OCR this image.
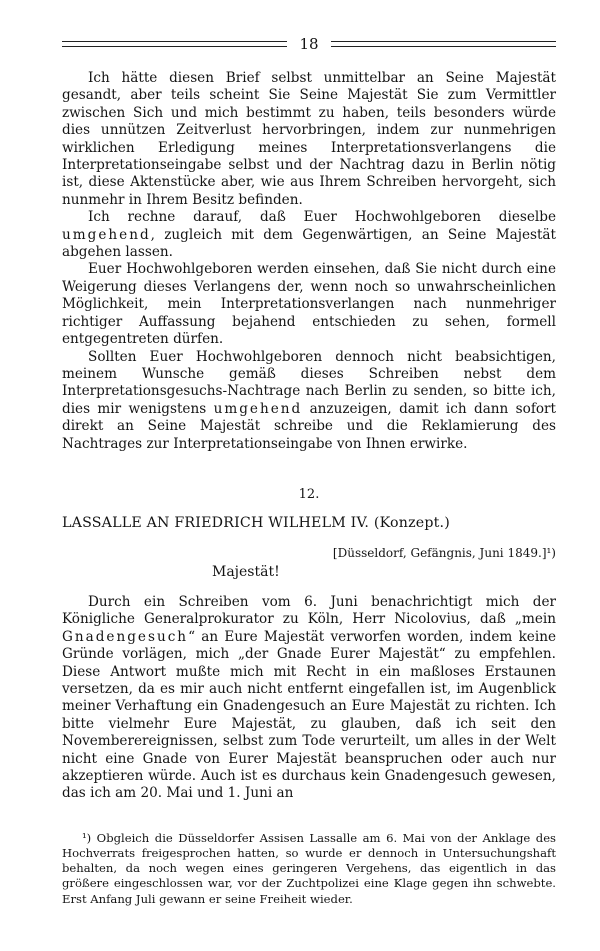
18

Ich hätte diesen Brief selbst unmittelbar an Seine Majestät gesandt, aber teils scheint Sie Seine Majestät Sie zum Vermittler zwischen Sich und mich bestimmt zu haben, teils besonders würde dies unnützen Zeitverlust hervorbringen, indem zur nunmehrigen wirklichen Erledigung meines Interpretationsverlangens die Interpretationseingabe selbst und der Nachtrag dazu in Berlin nötig ist, diese Aktenstücke aber, wie aus Ihrem Schreiben hervorgeht, sich nunmehr in Ihrem Besitz befinden.

Ich rechne darauf, daß Euer Hochwohlgeboren dieselbe umgehend, zugleich mit dem Gegenwärtigen, an Seine Majestät abgehen lassen.

Euer Hochwohlgeboren werden einsehen, daß Sie nicht durch eine Weigerung dieses Verlangens der, wenn noch so unwahrscheinlichen Möglichkeit, mein Interpretationsverlangen nach nunmehriger richtiger Auffassung bejahend entschieden zu sehen, formell entgegentreten dürfen.

Sollten Euer Hochwohlgeboren dennoch nicht beabsichtigen, meinem Wunsche gemäß dieses Schreiben nebst dem Interpretationsgesuchs-Nachtrage nach Berlin zu senden, so bitte ich, dies mir wenigstens umgehend anzuzeigen, damit ich dann sofort direkt an Seine Majestät schreibe und die Reklamierung des Nachtrages zur Interpretationseingabe von Ihnen erwirke.

12.
LASSALLE AN FRIEDRICH WILHELM IV. (Konzept.)
[Düsseldorf, Gefängnis, Juni 1849.]¹)
Majestät!

Durch ein Schreiben vom 6. Juni benachrichtigt mich der Königliche Generalprokurator zu Köln, Herr Nicolovius, daß „mein Gnadengesuch“ an Eure Majestät verworfen worden, indem keine Gründe vorlägen, mich „der Gnade Eurer Majestät“ zu empfehlen. Diese Antwort mußte mich mit Recht in ein maßloses Erstaunen versetzen, da es mir auch nicht entfernt eingefallen ist, im Augenblick meiner Verhaftung ein Gnadengesuch an Eure Majestät zu richten. Ich bitte vielmehr Eure Majestät, zu glauben, daß ich seit den Novemberereignissen, selbst zum Tode verurteilt, um alles in der Welt nicht eine Gnade von Eurer Majestät beanspruchen oder auch nur akzeptieren würde. Auch ist es durchaus kein Gnadengesuch gewesen, das ich am 20. Mai und 1. Juni an

¹) Obgleich die Düsseldorfer Assisen Lassalle am 6. Mai von der Anklage des Hochverrats freigesprochen hatten, so wurde er dennoch in Untersuchungshaft behalten, da noch wegen eines geringeren Vergehens, das eigentlich in das größere eingeschlossen war, vor der Zuchtpolizei eine Klage gegen ihn schwebte. Erst Anfang Juli gewann er seine Freiheit wieder.
